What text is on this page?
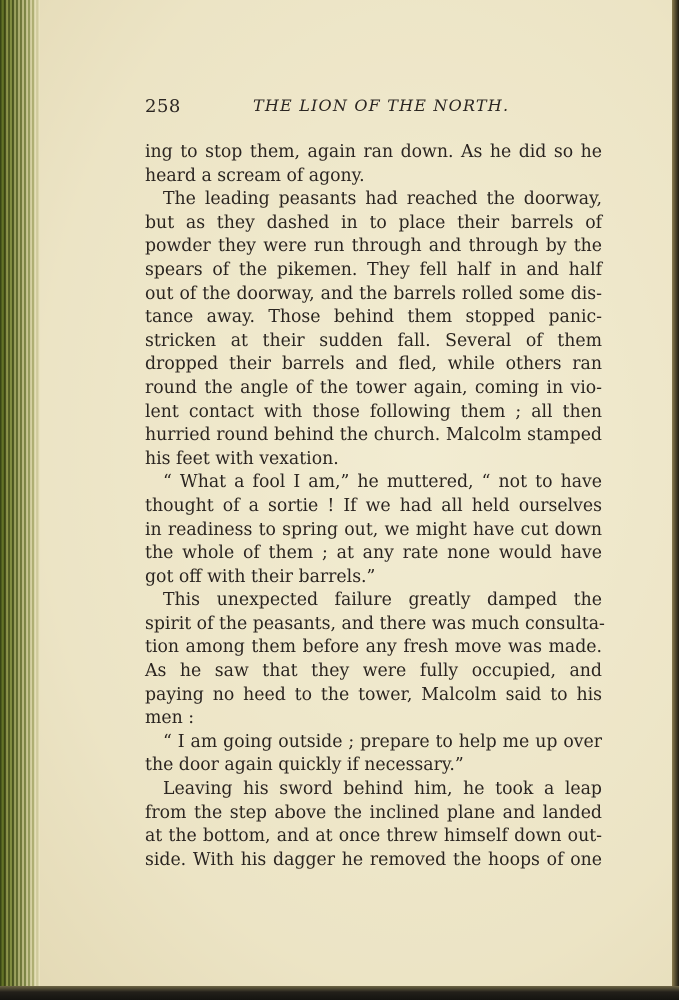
258	THE LION OF THE NORTH.
ing to stop them, again ran down. As he did so he
heard a scream of agony.
The leading peasants had reached the doorway,
but as they dashed in to place their barrels of
powder they were run through and through by the
spears of the pikemen. They fell half in and half
out of the doorway, and the barrels rolled some dis-
tance away. Those behind them stopped panic-
stricken at their sudden fall. Several of them
dropped their barrels and fled, while others ran
round the angle of the tower again, coming in vio-
lent contact with those following them ; all then
hurried round behind the church. Malcolm stamped
his feet with vexation.
“ What a fool I am,” he muttered, “ not to have
thought of a sortie ! If we had all held ourselves
in readiness to spring out, we might have cut down
the whole of them ; at any rate none would have
got off with their barrels.”
This unexpected failure greatly damped the
spirit of the peasants, and there was much consulta-
tion among them before any fresh move was made.
As he saw that they were fully occupied, and
paying no heed to the tower, Malcolm said to his
men :
“ I am going outside ; prepare to help me up over
the door again quickly if necessary.”
Leaving his sword behind him, he took a leap
from the step above the inclined plane and landed
at the bottom, and at once threw himself down out-
side. With his dagger he removed the hoops of one
